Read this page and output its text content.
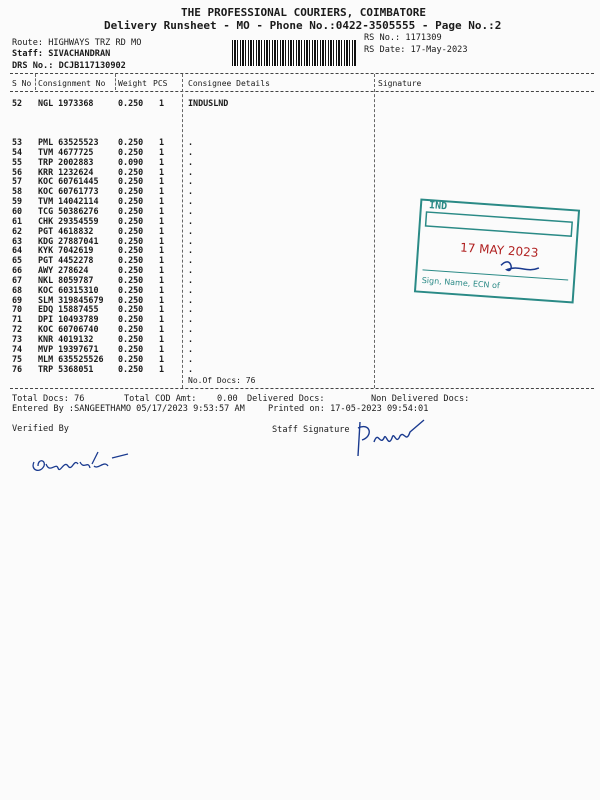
THE PROFESSIONAL COURIERS, COIMBATORE
Delivery Runsheet - MO - Phone No.:0422-3505555 - Page No.:2
Route: HIGHWAYS TRZ RD MO
Staff: SIVACHANDRAN
DRS No.: DCJB117130902
RS No.: 1171309
RS Date: 17-May-2023
S No Consignment No Weight PCS	Consignee Details	Signature
52 NGL 1973368	0.250 1	INDUSLND
53 PML 63525523 0.250 1	.
54 TVM 4677725	0.250 1	.
55 TRP 2002883	0.090 1	.
56 KRR 1232624	0.250 1	.
57 KOC 60761445 0.250 1	.
58 KOC 60761773 0.250 1	.
59 TVM 14042114 0.250 1	.
60 TCG 50386276 0.250 1	.
61 CHK 29354559 0.250 1	.
62 PGT 4618832	0.250 1	.
63 KDG 27887041 0.250 1	.
64 KYK 7042619	0.250 1	.
65 PGT 4452278	0.250 1	.
66 AWY 278624	0.250 1	.
67 NKL 8059787	0.250 1	.
68 KOC 60315310 0.250 1	.
69 SLM 319845679 0.250 1	.
70 EDQ 15887455 0.250 1	.
71 DPI 10493789 0.250 1	.
72 KOC 60706740 0.250 1	.
73 KNR 4019132	0.250 1	.
74 MVP 19397671 0.250 1	.
75 MLM 635525526 0.250 1	.
76 TRP 5368051	0.250 1	.
No.Of Docs: 76
Total Docs: 76	Total COD Amt: 0.00 Delivered Docs:	Non Delivered Docs:
Entered By :SANGEETHAMO 05/17/2023 9:53:57 AM	Printed on: 17-05-2023 09:54:01
Verified By	Staff Signature
IND
17 MAY 2023
Sign, Name, ECN of
